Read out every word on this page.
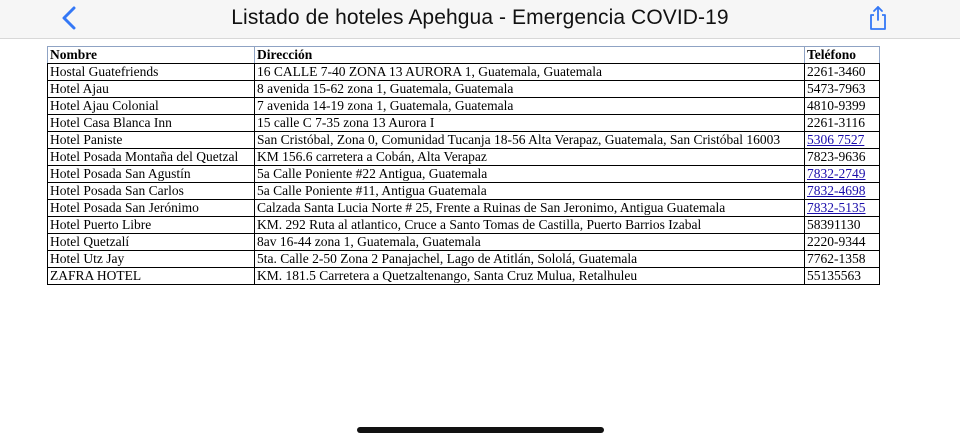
Listado de hoteles Apehgua - Emergencia COVID-19
Nombre	Dirección	Teléfono
Hostal Guatefriends	16 CALLE 7-40 ZONA 13 AURORA 1, Guatemala, Guatemala	2261-3460
Hotel Ajau	8 avenida 15-62 zona 1, Guatemala, Guatemala	5473-7963
Hotel Ajau Colonial	7 avenida 14-19 zona 1, Guatemala, Guatemala	4810-9399
Hotel Casa Blanca Inn	15 calle C 7-35 zona 13 Aurora I	2261-3116
Hotel Paniste	San Cristóbal, Zona 0, Comunidad Tucanja 18-56 Alta Verapaz, Guatemala, San Cristóbal 16003	5306 7527
Hotel Posada Montaña del Quetzal	KM 156.6 carretera a Cobán, Alta Verapaz	7823-9636
Hotel Posada San Agustín	5a Calle Poniente #22 Antigua, Guatemala	7832-2749
Hotel Posada San Carlos	5a Calle Poniente #11, Antigua Guatemala	7832-4698
Hotel Posada San Jerónimo	Calzada Santa Lucia Norte # 25, Frente a Ruinas de San Jeronimo, Antigua Guatemala	7832-5135
Hotel Puerto Libre	KM. 292 Ruta al atlantico, Cruce a Santo Tomas de Castilla, Puerto Barrios Izabal	58391130
Hotel Quetzalí	8av 16-44 zona 1, Guatemala, Guatemala	2220-9344
Hotel Utz Jay	5ta. Calle 2-50 Zona 2 Panajachel, Lago de Atitlán, Sololá, Guatemala	7762-1358
ZAFRA HOTEL	KM. 181.5 Carretera a Quetzaltenango, Santa Cruz Mulua, Retalhuleu	55135563
